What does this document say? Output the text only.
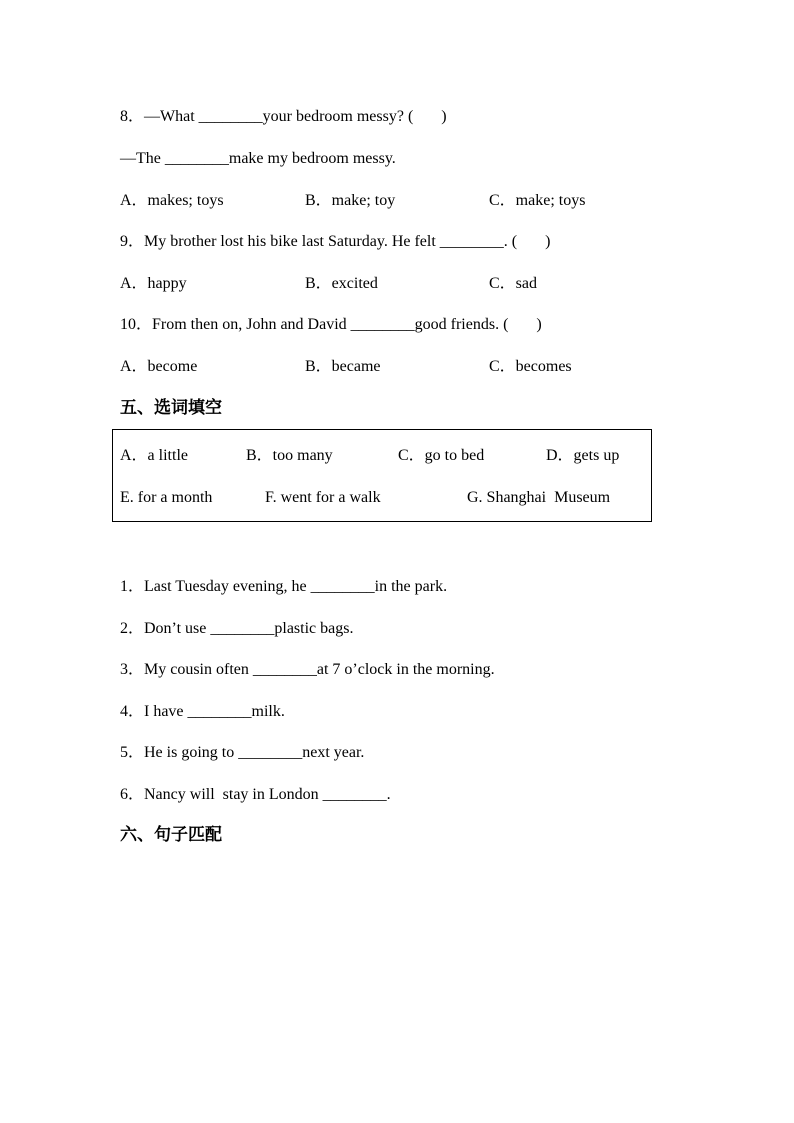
8．—What ________your bedroom messy? (       )
—The ________make my bedroom messy.
A．makes; toys	B．make; toy	C．make; toys
9．My brother lost his bike last Saturday. He felt ________. (       )
A．happy	B．excited	C．sad
10．From then on, John and David ________good friends. (       )
A．become	B．became	C．becomes
五、选词填空
A．a little	B．too many	C．go to bed	D．gets up
E. for a month	F. went for a walk	G. Shanghai  Museum
1．Last Tuesday evening, he ________in the park.
2．Don’t use ________plastic bags.
3．My cousin often ________at 7 o’clock in the morning.
4．I have ________milk.
5．He is going to ________next year.
6．Nancy will  stay in London ________.
六、句子匹配
